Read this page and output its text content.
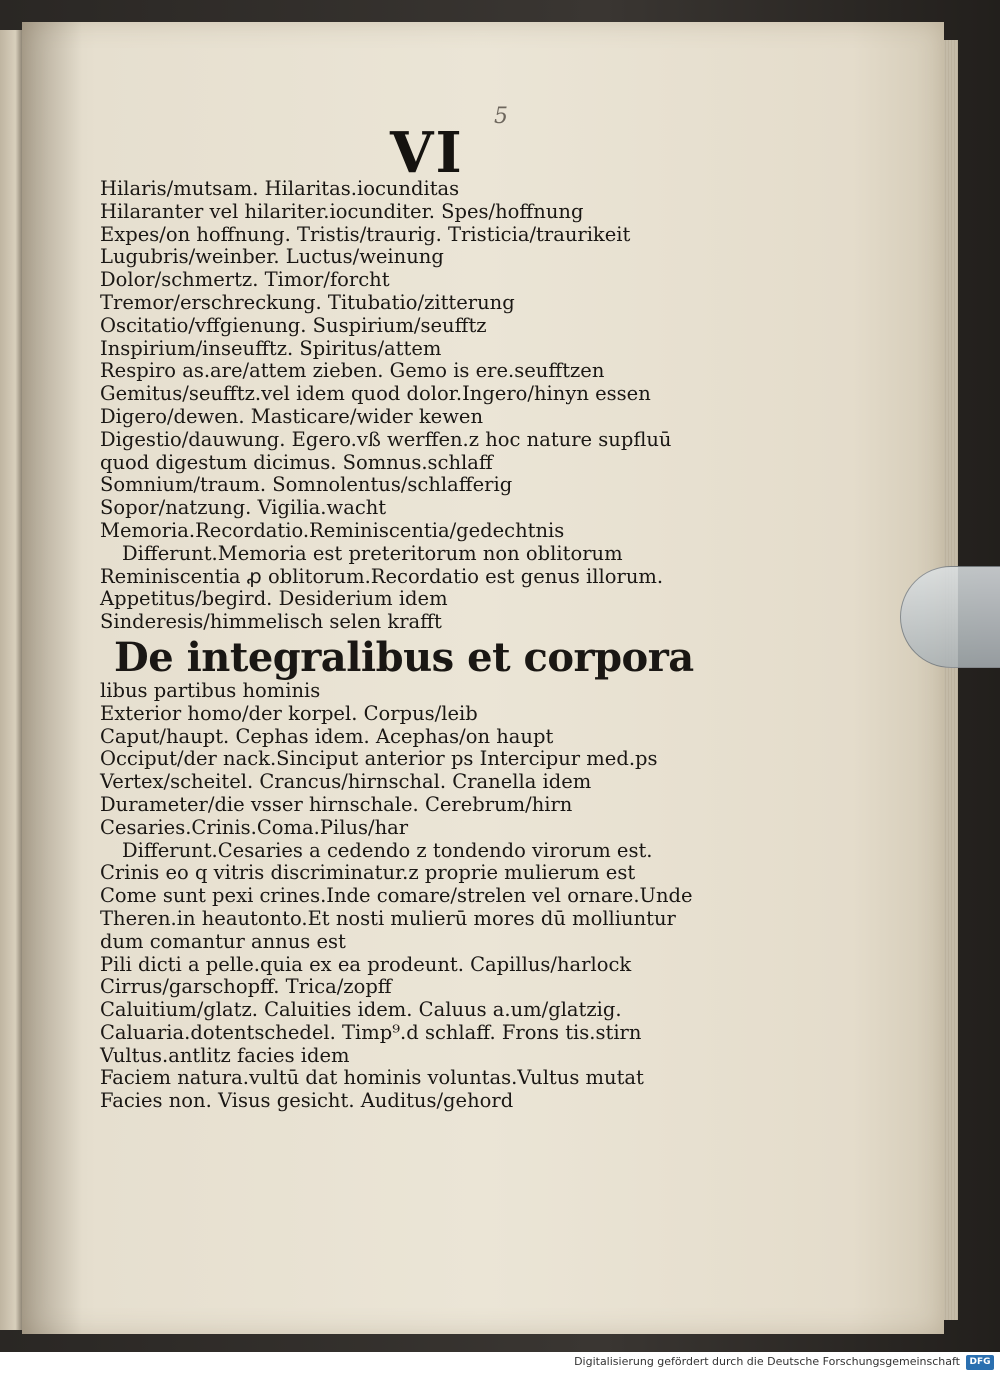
5
VI
Hilaris/mutsam. Hilaritas.iocunditas
Hilaranter vel hilariter.iocunditer. Spes/hoffnung
Expes/on hoffnung. Tristis/traurig. Tristicia/traurikeit
Lugubris/weinber. Luctus/weinung
Dolor/schmertz. Timor/forcht
Tremor/erschreckung. Titubatio/zitterung
Oscitatio/vffgienung. Suspirium/seufftz
Inspirium/inseufftz. Spiritus/attem
Respiro as.are/attem zieben. Gemo is ere.seufftzen
Gemitus/seufftz.vel idem quod dolor.Ingero/hinyn essen
Digero/dewen. Masticare/wider kewen
Digestio/dauwung. Egero.vß werffen.z hoc nature supfluū
quod digestum dicimus. Somnus.schlaff
Somnium/traum. Somnolentus/schlafferig
Sopor/natzung. Vigilia.wacht
Memoria.Recordatio.Reminiscentia/gedechtnis
Differunt.Memoria est preteritorum non oblitorum
Reminiscentia ꝓ oblitorum.Recordatio est genus illorum.
Appetitus/begird. Desiderium idem
Sinderesis/himmelisch selen krafft
De integralibus et corpora
libus partibus hominis
Exterior homo/der korpel. Corpus/leib
Caput/haupt. Cephas idem. Acephas/on haupt
Occiput/der nack.Sinciput anterior ps Intercipur med.ps
Vertex/scheitel. Crancus/hirnschal. Cranella idem
Durameter/die vsser hirnschale. Cerebrum/hirn
Cesaries.Crinis.Coma.Pilus/har
Differunt.Cesaries a cedendo z tondendo virorum est.
Crinis eo q vitris discriminatur.z proprie mulierum est
Come sunt pexi crines.Inde comare/strelen vel ornare.Unde
Theren.in heautonto.Et nosti mulierū mores dū molliuntur
dum comantur annus est
Pili dicti a pelle.quia ex ea prodeunt. Capillus/harlock
Cirrus/garschopff. Trica/zopff
Caluitium/glatz. Caluities idem. Caluus a.um/glatzig.
Caluaria.dotentschedel. Timp⁹.d schlaff. Frons tis.stirn
Vultus.antlitz facies idem
Faciem natura.vultū dat hominis voluntas.Vultus mutat
Facies non. Visus gesicht. Auditus/gehord
Digitalisierung gefördert durch die Deutsche Forschungsgemeinschaft	DFG
